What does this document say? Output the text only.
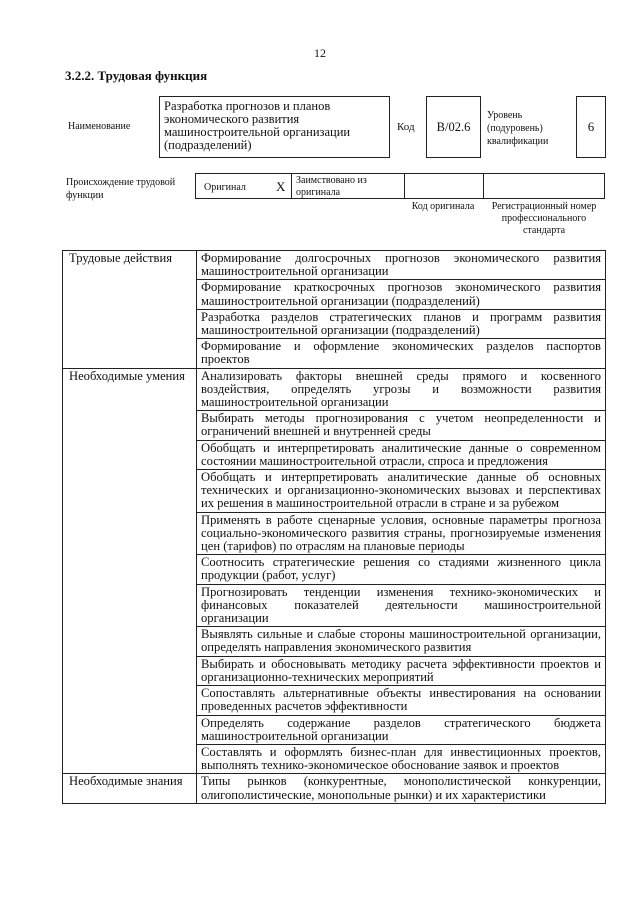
12
3.2.2. Трудовая функция
Наименование
Разработка прогнозов и планов экономического развития машиностроительной организации (подразделений)
Код B/02.6
Уровень (подуровень) квалификации
6
Происхождение трудовой функции
Оригинал X Заимствовано из оригинала
Код оригинала	Регистрационный номер профессионального стандарта
Трудовые действия	Формирование долгосрочных прогнозов экономического развития машиностроительной организации
	Формирование краткосрочных прогнозов экономического развития машиностроительной организации (подразделений)
	Разработка разделов стратегических планов и программ развития машиностроительной организации (подразделений)
	Формирование и оформление экономических разделов паспортов проектов
Необходимые умения	Анализировать факторы внешней среды прямого и косвенного воздействия, определять угрозы и возможности развития машиностроительной организации
	Выбирать методы прогнозирования с учетом неопределенности и ограничений внешней и внутренней среды
	Обобщать и интерпретировать аналитические данные о современном состоянии машиностроительной отрасли, спроса и предложения
	Обобщать и интерпретировать аналитические данные об основных технических и организационно-экономических вызовах и перспективах их решения в машиностроительной отрасли в стране и за рубежом
	Применять в работе сценарные условия, основные параметры прогноза социально-экономического развития страны, прогнозируемые изменения цен (тарифов) по отраслям на плановые периоды
	Соотносить стратегические решения со стадиями жизненного цикла продукции (работ, услуг)
	Прогнозировать тенденции изменения технико-экономических и финансовых показателей деятельности машиностроительной организации
	Выявлять сильные и слабые стороны машиностроительной организации, определять направления экономического развития
	Выбирать и обосновывать методику расчета эффективности проектов и организационно-технических мероприятий
	Сопоставлять альтернативные объекты инвестирования на основании проведенных расчетов эффективности
	Определять содержание разделов стратегического бюджета машиностроительной организации
	Составлять и оформлять бизнес-план для инвестиционных проектов, выполнять технико-экономическое обоснование заявок и проектов
Необходимые знания	Типы рынков (конкурентные, монополистической конкуренции, олигополистические, монопольные рынки) и их характеристики
